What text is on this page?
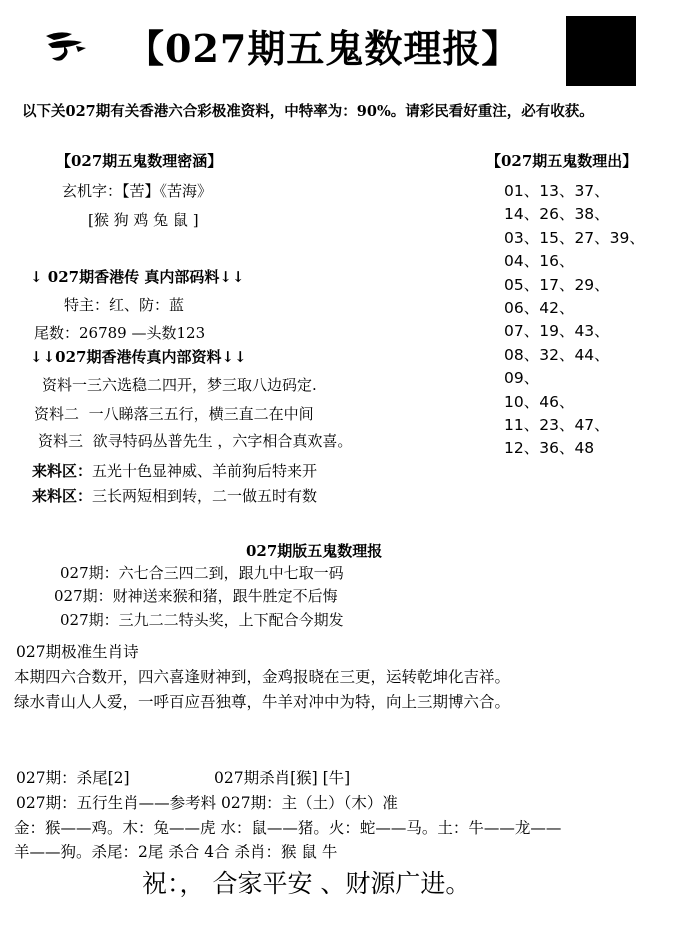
【027期五鬼数理报】
以下关027期有关香港六合彩极准资料，中特率为：90%。请彩民看好重注，必有收获。
【027期五鬼数理密涵】
玄机字：【苦】《苦海》
[猴 狗 鸡 兔 鼠 ]
↓ 027期香港传 真内部码料↓↓
特主：红、防：蓝
尾数：26789 —头数123
↓↓027期香港传真内部资料↓↓
资料一三六选稳二四开，梦三取八边码定.
资料二 一八睇落三五行，横三直二在中间
资料三 欲寻特码丛普先生 ，六字相合真欢喜。
来料区：五光十色显神威、羊前狗后特来开
来料区：三长两短相到转，二一做五时有数
【027期五鬼数理出】
01、13、37、
14、26、38、
03、15、27、39、
04、16、
05、17、29、
06、42、
07、19、43、
08、32、44、
09、
10、46、
11、23、47、
12、36、48
027期版五鬼数理报
027期：六七合三四二到，跟九中七取一码
027期：财神送来猴和猪，跟牛胜定不后悔
027期：三九二二特头奖，上下配合今期发
027期极准生肖诗
本期四六合数开，四六喜逢财神到，金鸡报晓在三更，运转乾坤化吉祥。
绿水青山人人爱，一呼百应吾独尊，牛羊对冲中为特，向上三期博六合。
027期：杀尾[2]	027期杀肖[猴] [牛]
027期：五行生肖——参考料 027期：主（土）（木）准
金：猴——鸡。木：兔——虎 水：鼠——猪。火：蛇——马。土：牛——龙——
羊——狗。杀尾：2尾 杀合 4合 杀肖：猴 鼠 牛
祝：， 合家平安 、财源广进。
